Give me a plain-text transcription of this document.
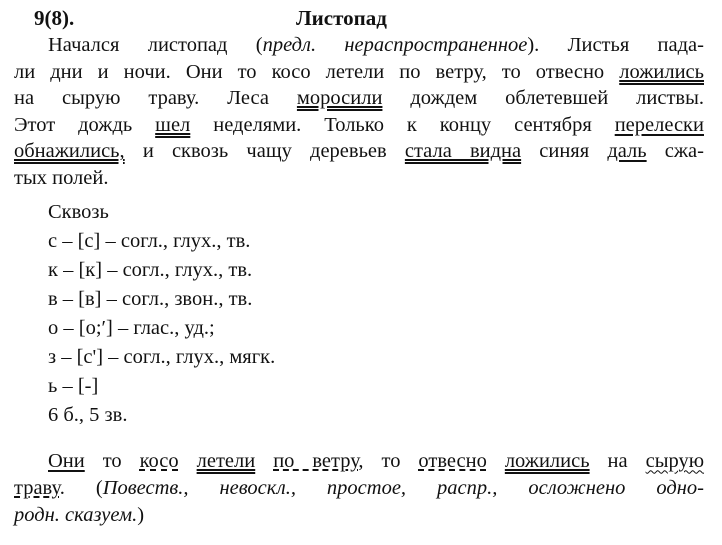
9(8).	Листопад
Начался листопад (предл. нераспространенное). Листья пада-
ли дни и ночи. Они то косо летели по ветру, то отвесно ложились
на сырую траву. Леса моросили дождем облетевшей листвы.
Этот дождь шел неделями. Только к концу сентября перелески
обнажились, и сквозь чащу деревьев стала видна синяя даль сжа-
тых полей.
Сквозь
с – [с] – согл., глух., тв.
к – [к] – согл., глух., тв.
в – [в] – согл., звон., тв.
о – [о;′] – глас., уд.;
з – [с'] – согл., глух., мягк.
ь – [-]
6 б., 5 зв.
Они то косо летели по ветру, то отвесно ложились на сырую
траву. (Повеств., невоскл., простое, распр., осложнено одно-
родн. сказуем.)
